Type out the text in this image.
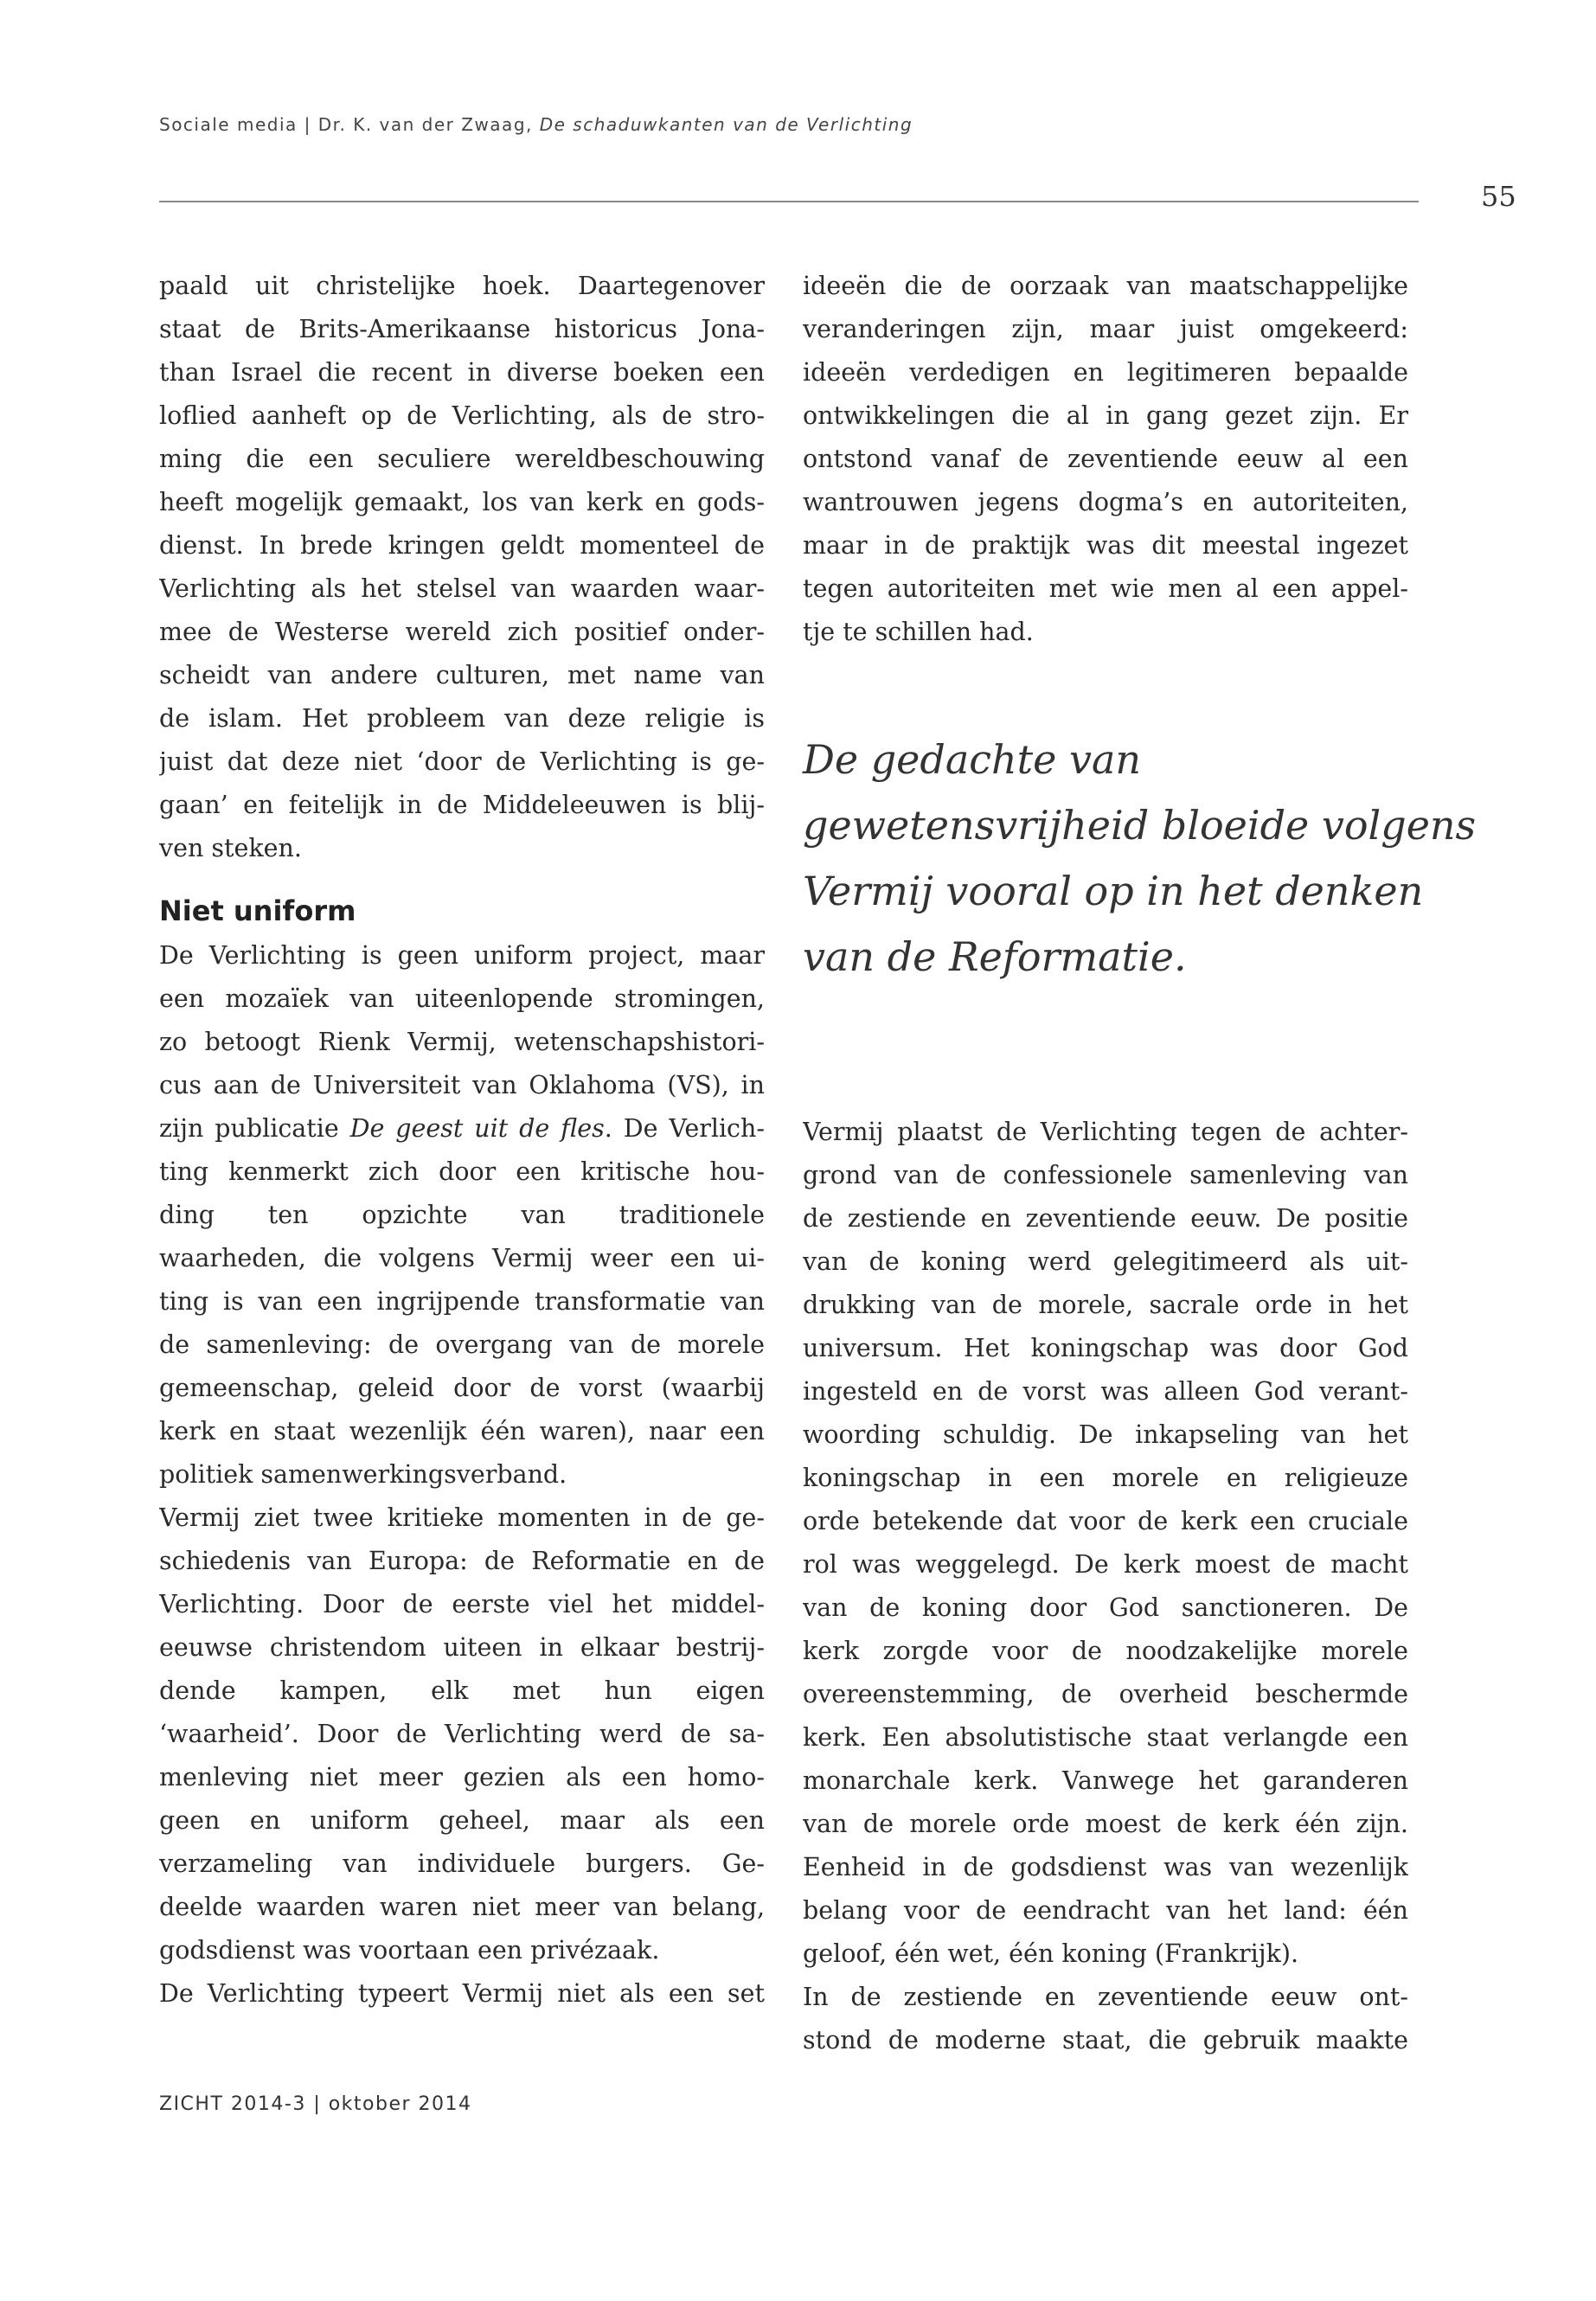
Sociale media | Dr. K. van der Zwaag, De schaduwkanten van de Verlichting
55
paald uit christelijke hoek. Daartegenover
staat de Brits-Amerikaanse historicus Jona-
than Israel die recent in diverse boeken een
loflied aanheft op de Verlichting, als de stro-
ming die een seculiere wereldbeschouwing
heeft mogelijk gemaakt, los van kerk en gods-
dienst. In brede kringen geldt momenteel de
Verlichting als het stelsel van waarden waar-
mee de Westerse wereld zich positief onder-
scheidt van andere culturen, met name van
de islam. Het probleem van deze religie is
juist dat deze niet ‘door de Verlichting is ge-
gaan’ en feitelijk in de Middeleeuwen is blij-
ven steken.
Niet uniform
De Verlichting is geen uniform project, maar
een mozaïek van uiteenlopende stromingen,
zo betoogt Rienk Vermij, wetenschapshistori-
cus aan de Universiteit van Oklahoma (VS), in
zijn publicatie De geest uit de fles. De Verlich-
ting kenmerkt zich door een kritische hou-
ding ten opzichte van traditionele
waarheden, die volgens Vermij weer een ui-
ting is van een ingrijpende transformatie van
de samenleving: de overgang van de morele
gemeenschap, geleid door de vorst (waarbij
kerk en staat wezenlijk één waren), naar een
politiek samenwerkingsverband.
Vermij ziet twee kritieke momenten in de ge-
schiedenis van Europa: de Reformatie en de
Verlichting. Door de eerste viel het middel-
eeuwse christendom uiteen in elkaar bestrij-
dende kampen, elk met hun eigen
‘waarheid’. Door de Verlichting werd de sa-
menleving niet meer gezien als een homo-
geen en uniform geheel, maar als een
verzameling van individuele burgers. Ge-
deelde waarden waren niet meer van belang,
godsdienst was voortaan een privézaak.
De Verlichting typeert Vermij niet als een set
ideeën die de oorzaak van maatschappelijke
veranderingen zijn, maar juist omgekeerd:
ideeën verdedigen en legitimeren bepaalde
ontwikkelingen die al in gang gezet zijn. Er
ontstond vanaf de zeventiende eeuw al een
wantrouwen jegens dogma’s en autoriteiten,
maar in de praktijk was dit meestal ingezet
tegen autoriteiten met wie men al een appel-
tje te schillen had.
De gedachte van
gewetensvrijheid bloeide volgens
Vermij vooral op in het denken
van de Reformatie.
Vermij plaatst de Verlichting tegen de achter-
grond van de confessionele samenleving van
de zestiende en zeventiende eeuw. De positie
van de koning werd gelegitimeerd als uit-
drukking van de morele, sacrale orde in het
universum. Het koningschap was door God
ingesteld en de vorst was alleen God verant-
woording schuldig. De inkapseling van het
koningschap in een morele en religieuze
orde betekende dat voor de kerk een cruciale
rol was weggelegd. De kerk moest de macht
van de koning door God sanctioneren. De
kerk zorgde voor de noodzakelijke morele
overeenstemming, de overheid beschermde
kerk. Een absolutistische staat verlangde een
monarchale kerk. Vanwege het garanderen
van de morele orde moest de kerk één zijn.
Eenheid in de godsdienst was van wezenlijk
belang voor de eendracht van het land: één
geloof, één wet, één koning (Frankrijk).
In de zestiende en zeventiende eeuw ont-
stond de moderne staat, die gebruik maakte
ZICHT 2014-3 | oktober 2014
